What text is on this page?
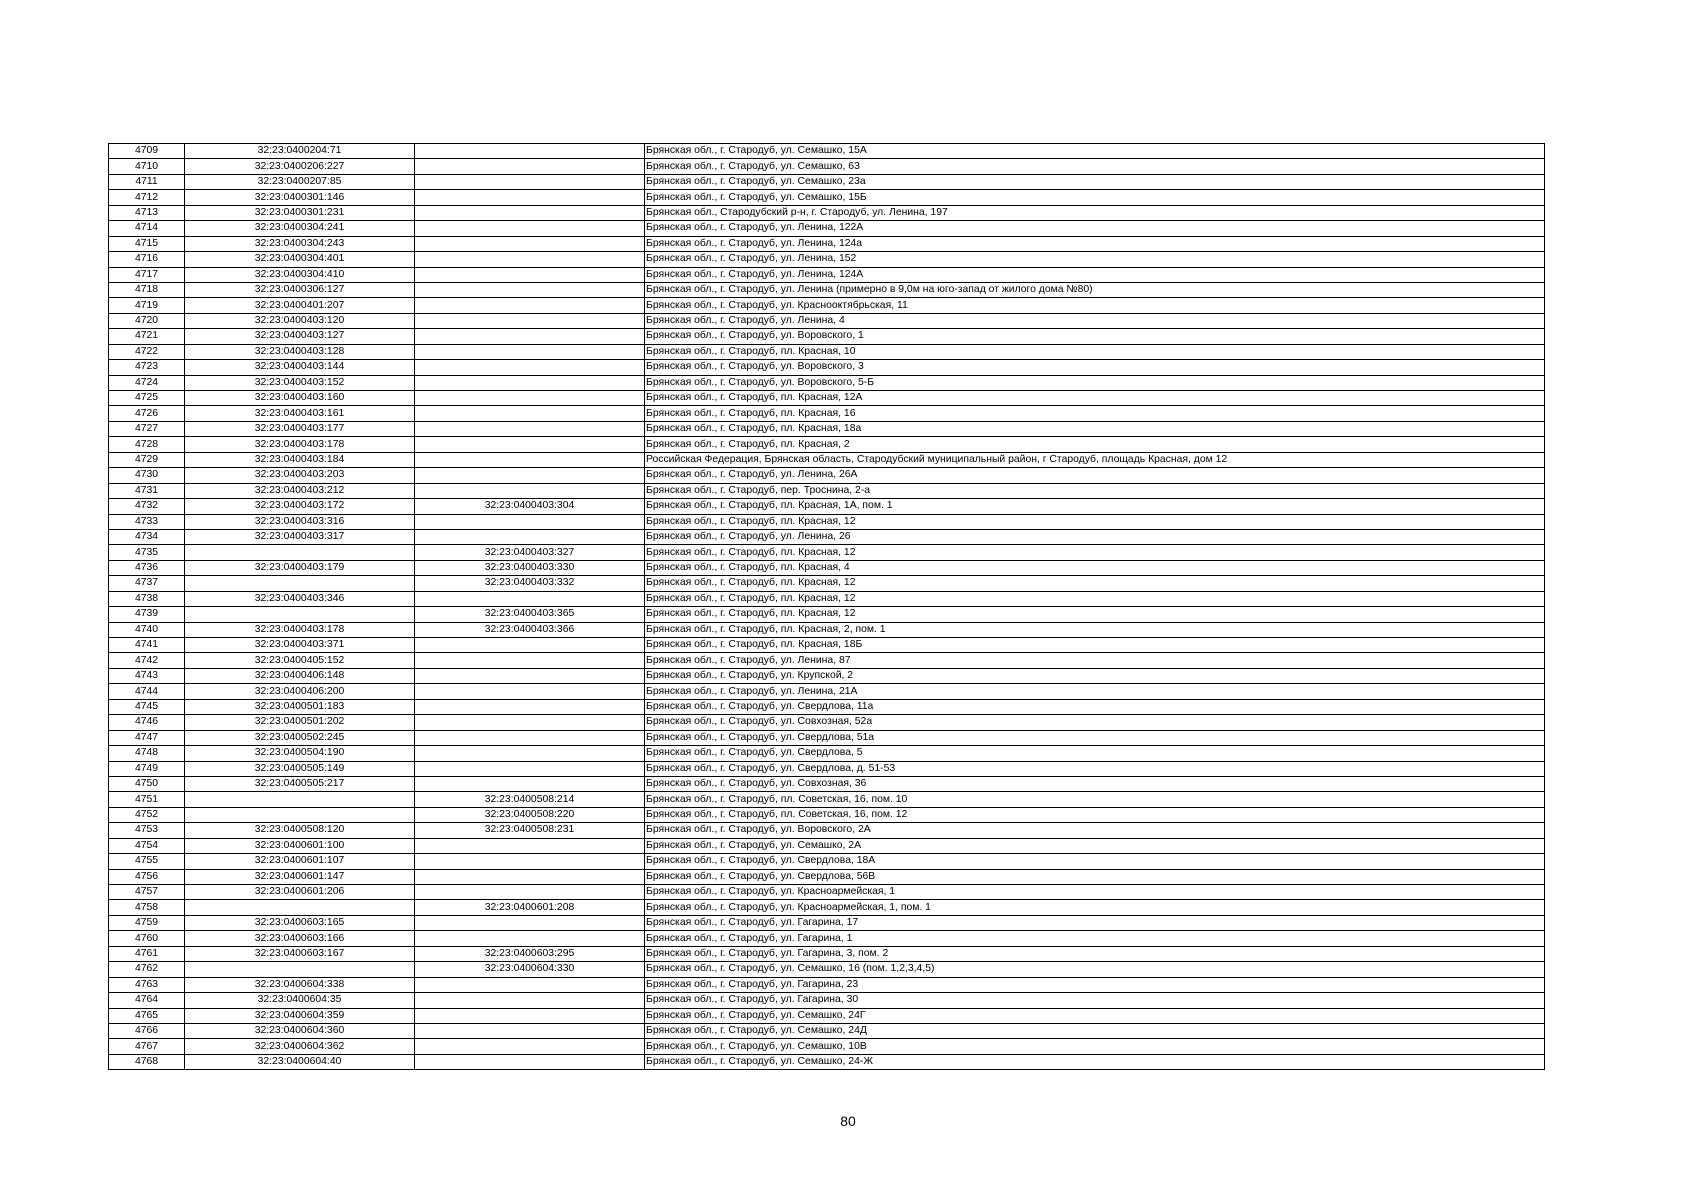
4709	32:23:0400204:71		Брянская обл., г. Стародуб, ул. Семашко, 15А
4710	32:23:0400206:227		Брянская обл., г. Стародуб, ул. Семашко, 63
4711	32:23:0400207:85		Брянская обл., г. Стародуб, ул. Семашко, 23а
4712	32:23:0400301:146		Брянская обл., г. Стародуб, ул. Семашко, 15Б
4713	32:23:0400301:231		Брянская обл., Стародубский р-н, г. Стародуб, ул. Ленина, 197
4714	32:23:0400304:241		Брянская обл., г. Стародуб, ул. Ленина, 122А
4715	32:23:0400304:243		Брянская обл., г. Стародуб, ул. Ленина, 124а
4716	32:23:0400304:401		Брянская обл., г. Стародуб, ул. Ленина, 152
4717	32:23:0400304:410		Брянская обл., г. Стародуб, ул. Ленина, 124А
4718	32:23:0400306:127		Брянская обл., г. Стародуб, ул. Ленина (примерно в 9,0м на юго-запад от жилого дома №80)
4719	32:23:0400401:207		Брянская обл., г. Стародуб, ул. Краснооктябрьская, 11
4720	32:23:0400403:120		Брянская обл., г. Стародуб, ул. Ленина, 4
4721	32:23:0400403:127		Брянская обл., г. Стародуб, ул. Воровского, 1
4722	32:23:0400403:128		Брянская обл., г. Стародуб, пл. Красная, 10
4723	32:23:0400403:144		Брянская обл., г. Стародуб, ул. Воровского, 3
4724	32:23:0400403:152		Брянская обл., г. Стародуб, ул. Воровского, 5-Б
4725	32:23:0400403:160		Брянская обл., г. Стародуб, пл. Красная, 12А
4726	32:23:0400403:161		Брянская обл., г. Стародуб, пл. Красная, 16
4727	32:23:0400403:177		Брянская обл., г. Стародуб, пл. Красная, 18а
4728	32:23:0400403:178		Брянская обл., г. Стародуб, пл. Красная, 2
4729	32:23:0400403:184		Российская Федерация, Брянская область, Стародубский муниципальный район, г Стародуб, площадь Красная, дом 12
4730	32:23:0400403:203		Брянская обл., г. Стародуб, ул. Ленина, 26А
4731	32:23:0400403:212		Брянская обл., г. Стародуб, пер. Троснина, 2-а
4732	32:23:0400403:172	32:23:0400403:304	Брянская обл., г. Стародуб, пл. Красная, 1А, пом. 1
4733	32:23:0400403:316		Брянская обл., г. Стародуб, пл. Красная, 12
4734	32:23:0400403:317		Брянская обл., г. Стародуб, ул. Ленина, 26
4735		32:23:0400403:327	Брянская обл., г. Стародуб, пл. Красная, 12
4736	32:23:0400403:179	32:23:0400403:330	Брянская обл., г. Стародуб, пл. Красная, 4
4737		32:23:0400403:332	Брянская обл., г. Стародуб, пл. Красная, 12
4738	32:23:0400403:346		Брянская обл., г. Стародуб, пл. Красная, 12
4739		32:23:0400403:365	Брянская обл., г. Стародуб, пл. Красная, 12
4740	32:23:0400403:178	32:23:0400403:366	Брянская обл., г. Стародуб, пл. Красная, 2, пом. 1
4741	32:23:0400403:371		Брянская обл., г. Стародуб, пл. Красная, 18Б
4742	32:23:0400405:152		Брянская обл., г. Стародуб, ул. Ленина, 87
4743	32:23:0400406:148		Брянская обл., г. Стародуб, ул. Крупской, 2
4744	32:23:0400406:200		Брянская обл., г. Стародуб, ул. Ленина, 21А
4745	32:23:0400501:183		Брянская обл., г. Стародуб, ул. Свердлова, 11а
4746	32:23:0400501:202		Брянская обл., г. Стародуб, ул. Совхозная, 52а
4747	32:23:0400502:245		Брянская обл., г. Стародуб, ул. Свердлова, 51а
4748	32:23:0400504:190		Брянская обл., г. Стародуб, ул. Свердлова, 5
4749	32:23:0400505:149		Брянская обл., г. Стародуб, ул. Свердлова, д. 51-53
4750	32:23:0400505:217		Брянская обл., г. Стародуб, ул. Совхозная, 36
4751		32:23:0400508:214	Брянская обл., г. Стародуб, пл. Советская, 16, пом. 10
4752		32:23:0400508:220	Брянская обл., г. Стародуб, пл. Советская, 16, пом. 12
4753	32:23:0400508:120	32:23:0400508:231	Брянская обл., г. Стародуб, ул. Воровского, 2А
4754	32:23:0400601:100		Брянская обл., г. Стародуб, ул. Семашко, 2А
4755	32:23:0400601:107		Брянская обл., г. Стародуб, ул. Свердлова, 18А
4756	32:23:0400601:147		Брянская обл., г. Стародуб, ул. Свердлова, 56В
4757	32:23:0400601:206		Брянская обл., г. Стародуб, ул. Красноармейская, 1
4758		32:23:0400601:208	Брянская обл., г. Стародуб, ул. Красноармейская, 1, пом. 1
4759	32:23:0400603:165		Брянская обл., г. Стародуб, ул. Гагарина, 17
4760	32:23:0400603:166		Брянская обл., г. Стародуб, ул. Гагарина, 1
4761	32:23:0400603:167	32:23:0400603:295	Брянская обл., г. Стародуб, ул. Гагарина, 3, пом. 2
4762		32:23:0400604:330	Брянская обл., г. Стародуб, ул. Семашко, 16 (пом. 1,2,3,4,5)
4763	32:23:0400604:338		Брянская обл., г. Стародуб, ул. Гагарина, 23
4764	32:23:0400604:35		Брянская обл., г. Стародуб, ул. Гагарина, 30
4765	32:23:0400604:359		Брянская обл., г. Стародуб, ул. Семашко, 24Г
4766	32:23:0400604:360		Брянская обл., г. Стародуб, ул. Семашко, 24Д
4767	32:23:0400604:362		Брянская обл., г. Стародуб, ул. Семашко, 10В
4768	32:23:0400604:40		Брянская обл., г. Стародуб, ул. Семашко, 24-Ж
80
